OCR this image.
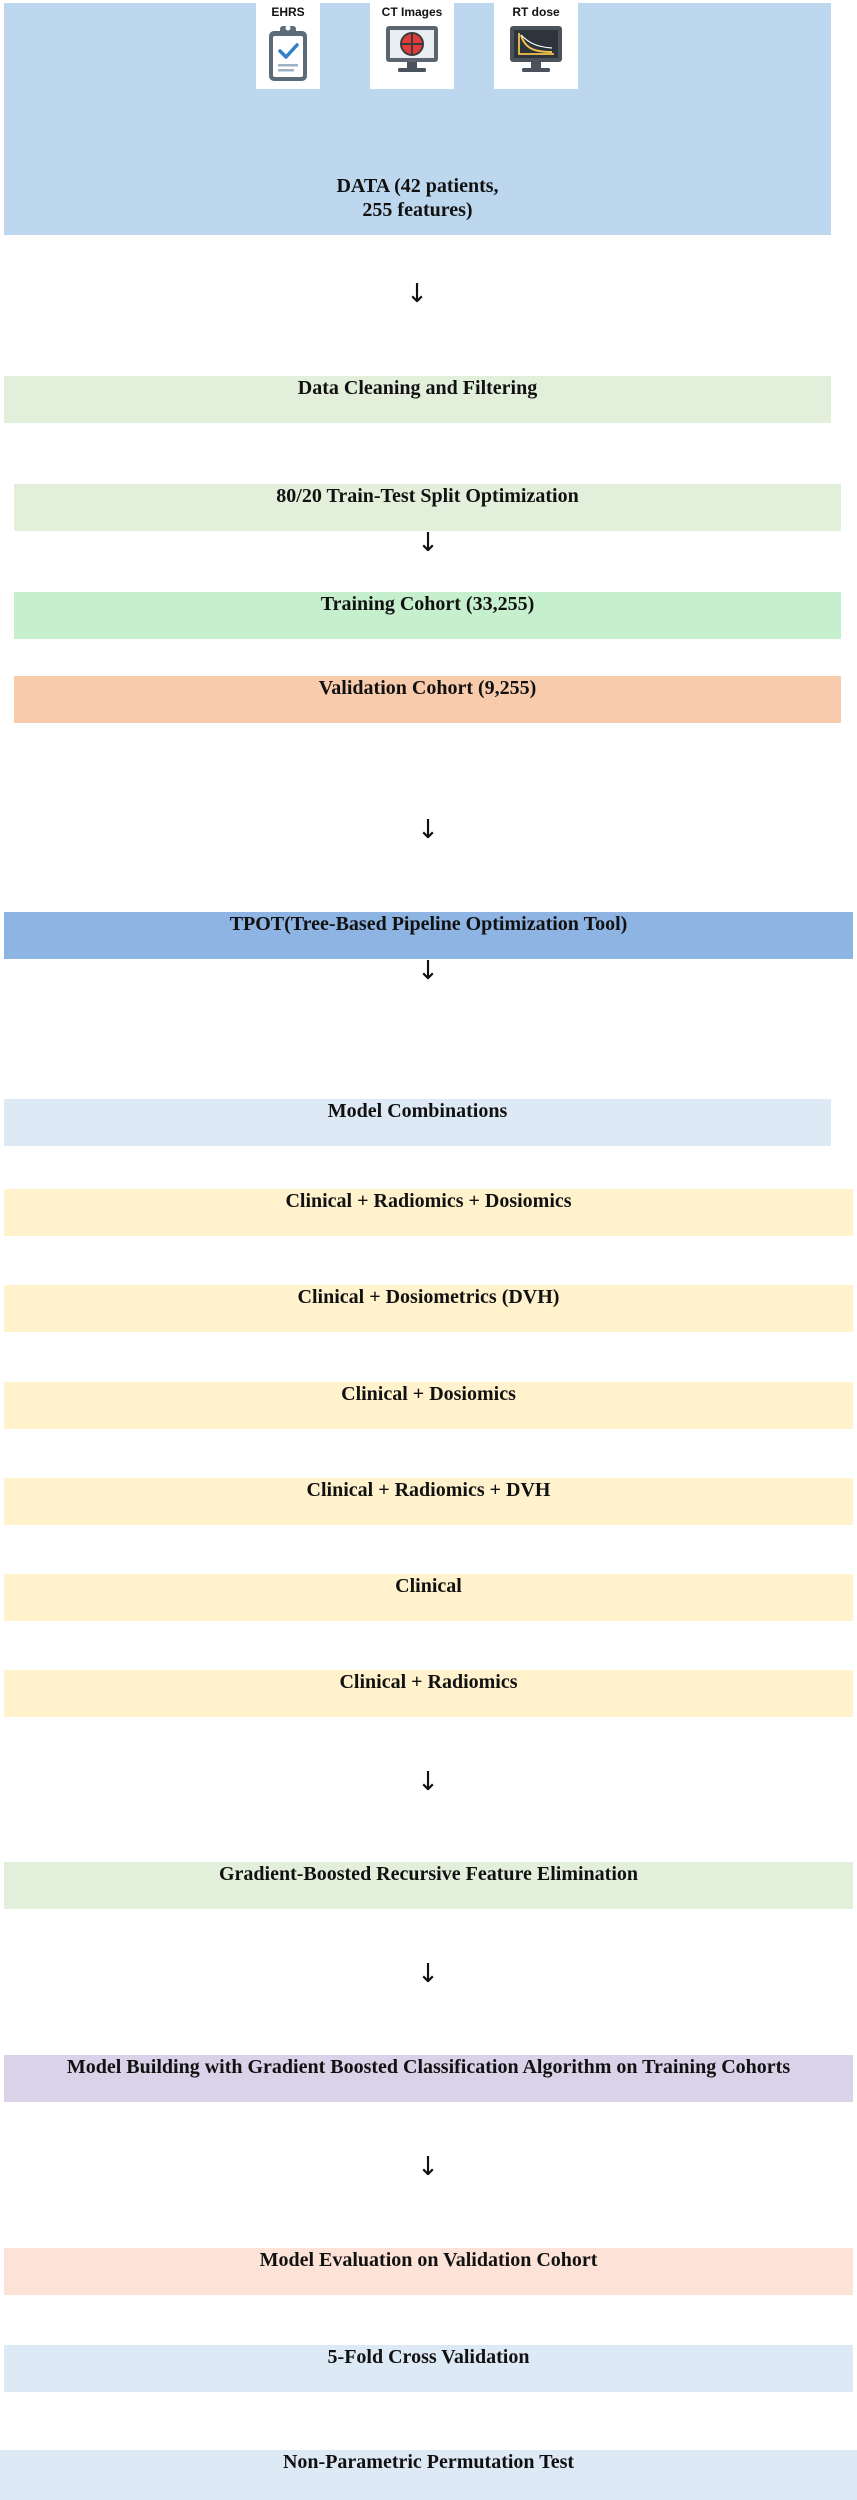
DATA (42 patients,
255 features)
EHRS	CT Images	RT dose
↓
Data Cleaning and Filtering
80/20 Train-Test Split Optimization
↓
Training Cohort (33,255)
Validation Cohort (9,255)
↓
TPOT(Tree-Based Pipeline Optimization Tool)
↓
Model Combinations
Clinical + Radiomics + Dosiomics
Clinical + Dosiometrics (DVH)
Clinical + Dosiomics
Clinical + Radiomics + DVH
Clinical
Clinical + Radiomics
↓
Gradient-Boosted Recursive Feature Elimination
↓
Model Building with Gradient Boosted Classification Algorithm on Training Cohorts
↓
Model Evaluation on Validation Cohort
5-Fold Cross Validation
Non-Parametric Permutation Test
